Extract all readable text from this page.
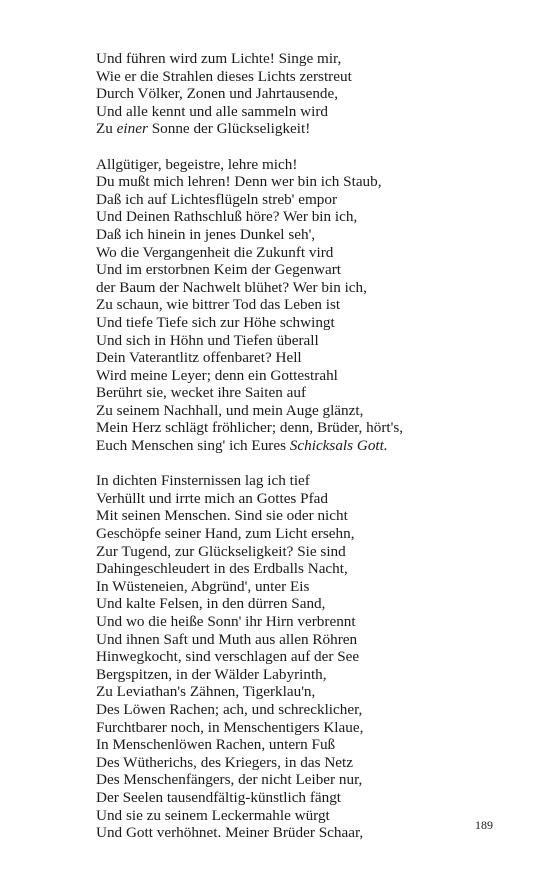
Und führen wird zum Lichte! Singe mir,
Wie er die Strahlen dieses Lichts zerstreut
Durch Völker, Zonen und Jahrtausende,
Und alle kennt und alle sammeln wird
Zu einer Sonne der Glückseligkeit!
Allgütiger, begeistre, lehre mich!
Du mußt mich lehren! Denn wer bin ich Staub,
Daß ich auf Lichtesflügeln streb' empor
Und Deinen Rathschluß höre? Wer bin ich,
Daß ich hinein in jenes Dunkel seh',
Wo die Vergangenheit die Zukunft vird
Und im erstorbnen Keim der Gegenwart
der Baum der Nachwelt blühet? Wer bin ich,
Zu schaun, wie bittrer Tod das Leben ist
Und tiefe Tiefe sich zur Höhe schwingt
Und sich in Höhn und Tiefen überall
Dein Vaterantlitz offenbaret? Hell
Wird meine Leyer; denn ein Gottestrahl
Berührt sie, wecket ihre Saiten auf
Zu seinem Nachhall, und mein Auge glänzt,
Mein Herz schlägt fröhlicher; denn, Brüder, hört's,
Euch Menschen sing' ich Eures Schicksals Gott.
In dichten Finsternissen lag ich tief
Verhüllt und irrte mich an Gottes Pfad
Mit seinen Menschen. Sind sie oder nicht
Geschöpfe seiner Hand, zum Licht ersehn,
Zur Tugend, zur Glückseligkeit? Sie sind
Dahingeschleudert in des Erdballs Nacht,
In Wüsteneien, Abgründ', unter Eis
Und kalte Felsen, in den dürren Sand,
Und wo die heiße Sonn' ihr Hirn verbrennt
Und ihnen Saft und Muth aus allen Röhren
Hinwegkocht, sind verschlagen auf der See
Bergspitzen, in der Wälder Labyrinth,
Zu Leviathan's Zähnen, Tigerklau'n,
Des Löwen Rachen; ach, und schrecklicher,
Furchtbarer noch, in Menschentigers Klaue,
In Menschenlöwen Rachen, untern Fuß
Des Wütherichs, des Kriegers, in das Netz
Des Menschenfängers, der nicht Leiber nur,
Der Seelen tausendfältig-künstlich fängt
Und sie zu seinem Leckermahle würgt
Und Gott verhöhnet. Meiner Brüder Schaar,	189
